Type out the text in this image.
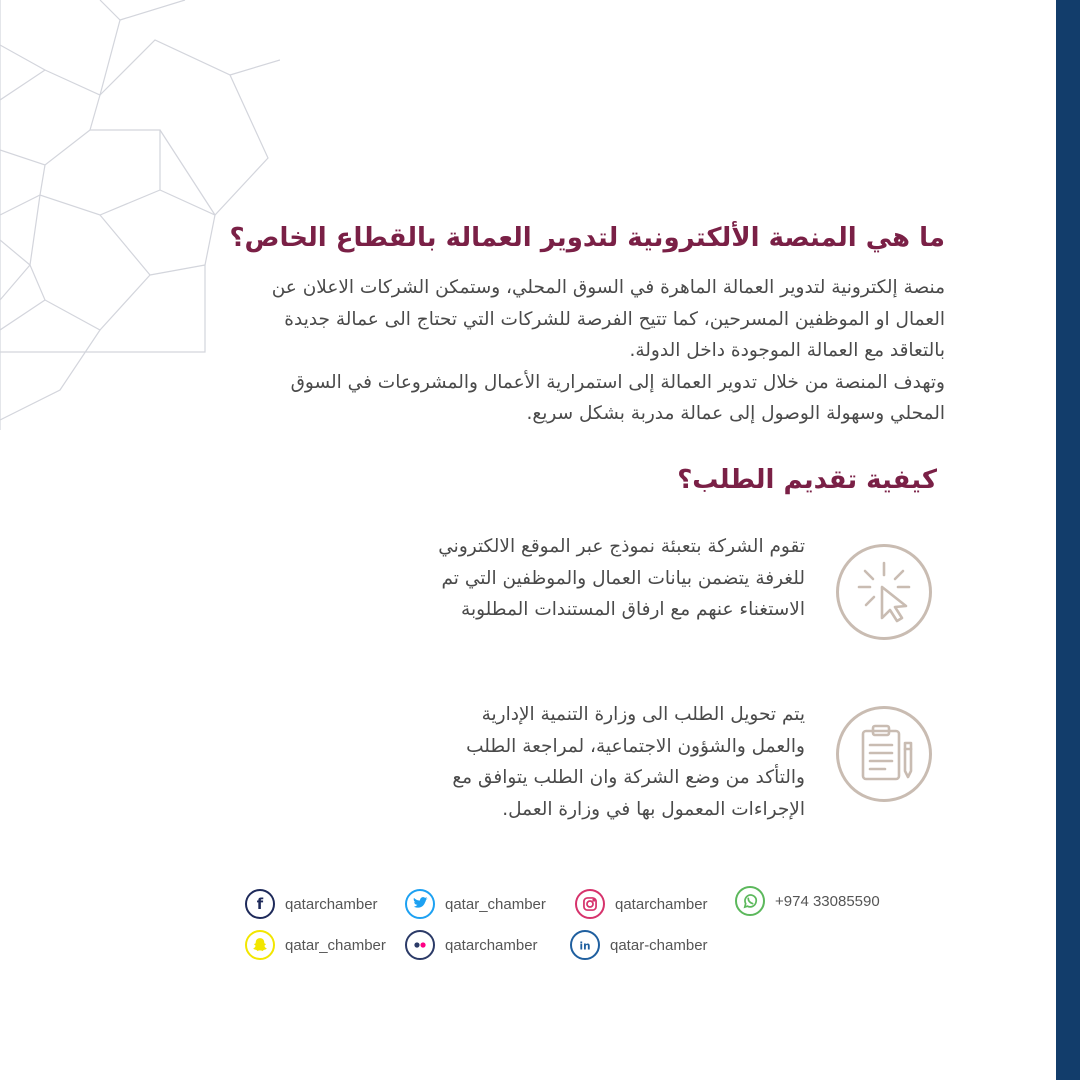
ما هي المنصة الألكترونية لتدوير العمالة بالقطاع الخاص؟

منصة إلكترونية لتدوير العمالة الماهرة في السوق المحلي، وستمكن الشركات الاعلان عن العمال او الموظفين المسرحين، كما تتيح الفرصة للشركات التي تحتاج الى عمالة جديدة بالتعاقد مع العمالة الموجودة داخل الدولة.

وتهدف المنصة من خلال تدوير العمالة إلى استمرارية الأعمال والمشروعات في السوق المحلي وسهولة الوصول إلى عمالة مدربة بشكل سريع.

كيفية تقديم الطلب؟
تقوم الشركة بتعبئة نموذج عبر الموقع الالكتروني للغرفة يتضمن بيانات العمال والموظفين التي تم الاستغناء عنهم مع ارفاق المستندات المطلوبة
يتم تحويل الطلب الى وزارة التنمية الإدارية والعمل والشؤون الاجتماعية، لمراجعة الطلب والتأكد من وضع الشركة وان الطلب يتوافق مع الإجراءات المعمول بها في وزارة العمل.
f qatarchamber	qatar_chamber	qatarchamber	+974 33085590
qatar_chamber	qatarchamber	in qatar-chamber
